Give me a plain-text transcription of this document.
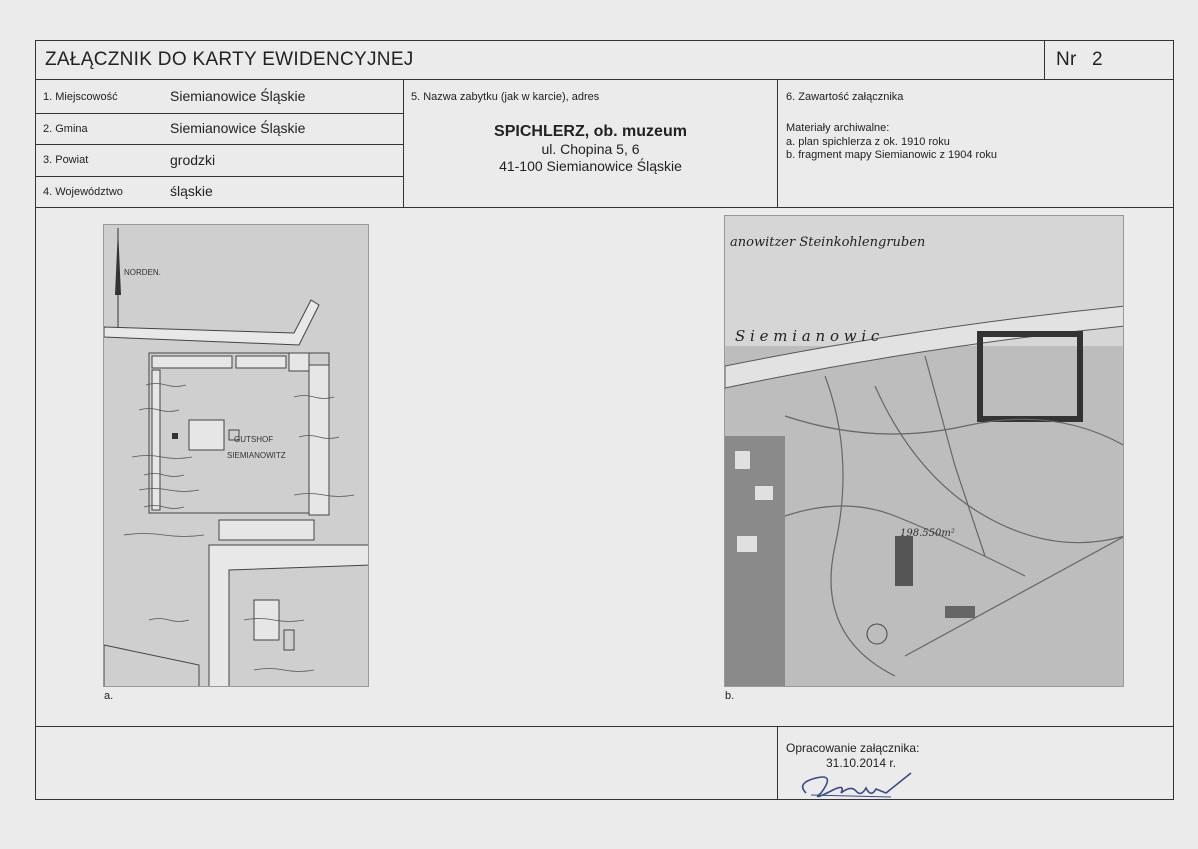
ZAŁĄCZNIK DO KARTY EWIDENCYJNEJ	Nr 2
1. Miejscowość	Siemianowice Śląskie
2. Gmina	Siemianowice Śląskie
3. Powiat	grodzki
4. Województwo	śląskie
5. Nazwa zabytku (jak w karcie), adres
SPICHLERZ, ob. muzeum
ul. Chopina 5, 6
41-100 Siemianowice Śląskie
6. Zawartość załącznika
Materiały archiwalne:
a. plan spichlerza z ok. 1910 roku
b. fragment mapy Siemianowic z 1904 roku
NORDEN.
GUTSHOF
SIEMIANOWITZ
a.
anowitzer Steinkohlengruben
S i e m i a n o w i c
198.550m²
b.
Opracowanie załącznika:
31.10.2014 r.
